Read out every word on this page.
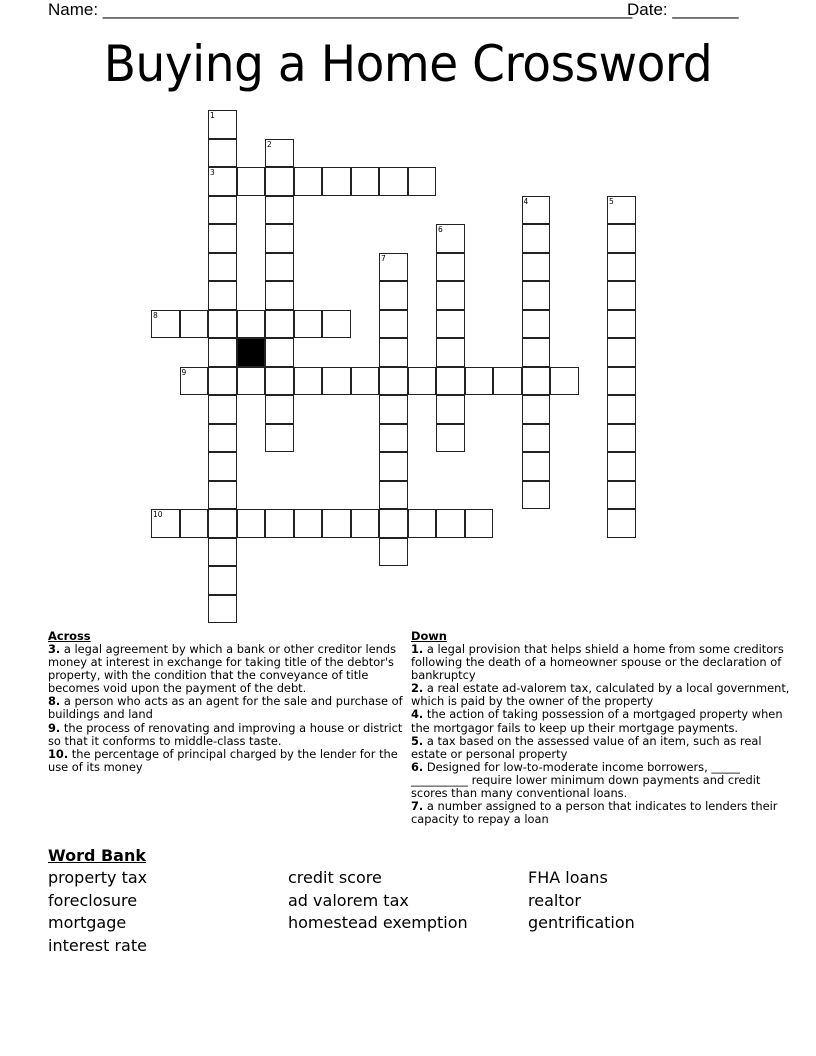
Name: ________________________________________________________
Date: _______
Buying a Home Crossword
1
3
2
4	5
6
7
8
9
10
Across

3. a legal agreement by which a bank or other creditor lends money at interest in exchange for taking title of the debtor's property, with the condition that the conveyance of title becomes void upon the payment of the debt.

8. a person who acts as an agent for the sale and purchase of buildings and land

9. the process of renovating and improving a house or district so that it conforms to middle-class taste.

10. the percentage of principal charged by the lender for the use of its money

Down

1. a legal provision that helps shield a home from some creditors following the death of a homeowner spouse or the declaration of bankruptcy

2. a real estate ad-valorem tax, calculated by a local government, which is paid by the owner of the property

4. the action of taking possession of a mortgaged property when the mortgagor fails to keep up their mortgage payments.

5. a tax based on the assessed value of an item, such as real estate or personal property

6. Designed for low-to-moderate income borrowers, _____ __________ require lower minimum down payments and credit scores than many conventional loans.

7. a number assigned to a person that indicates to lenders their capacity to repay a loan

Word Bank
property tax	credit score	FHA loans
foreclosure	ad valorem tax	realtor
mortgage	homestead exemption	gentrification
interest rate
